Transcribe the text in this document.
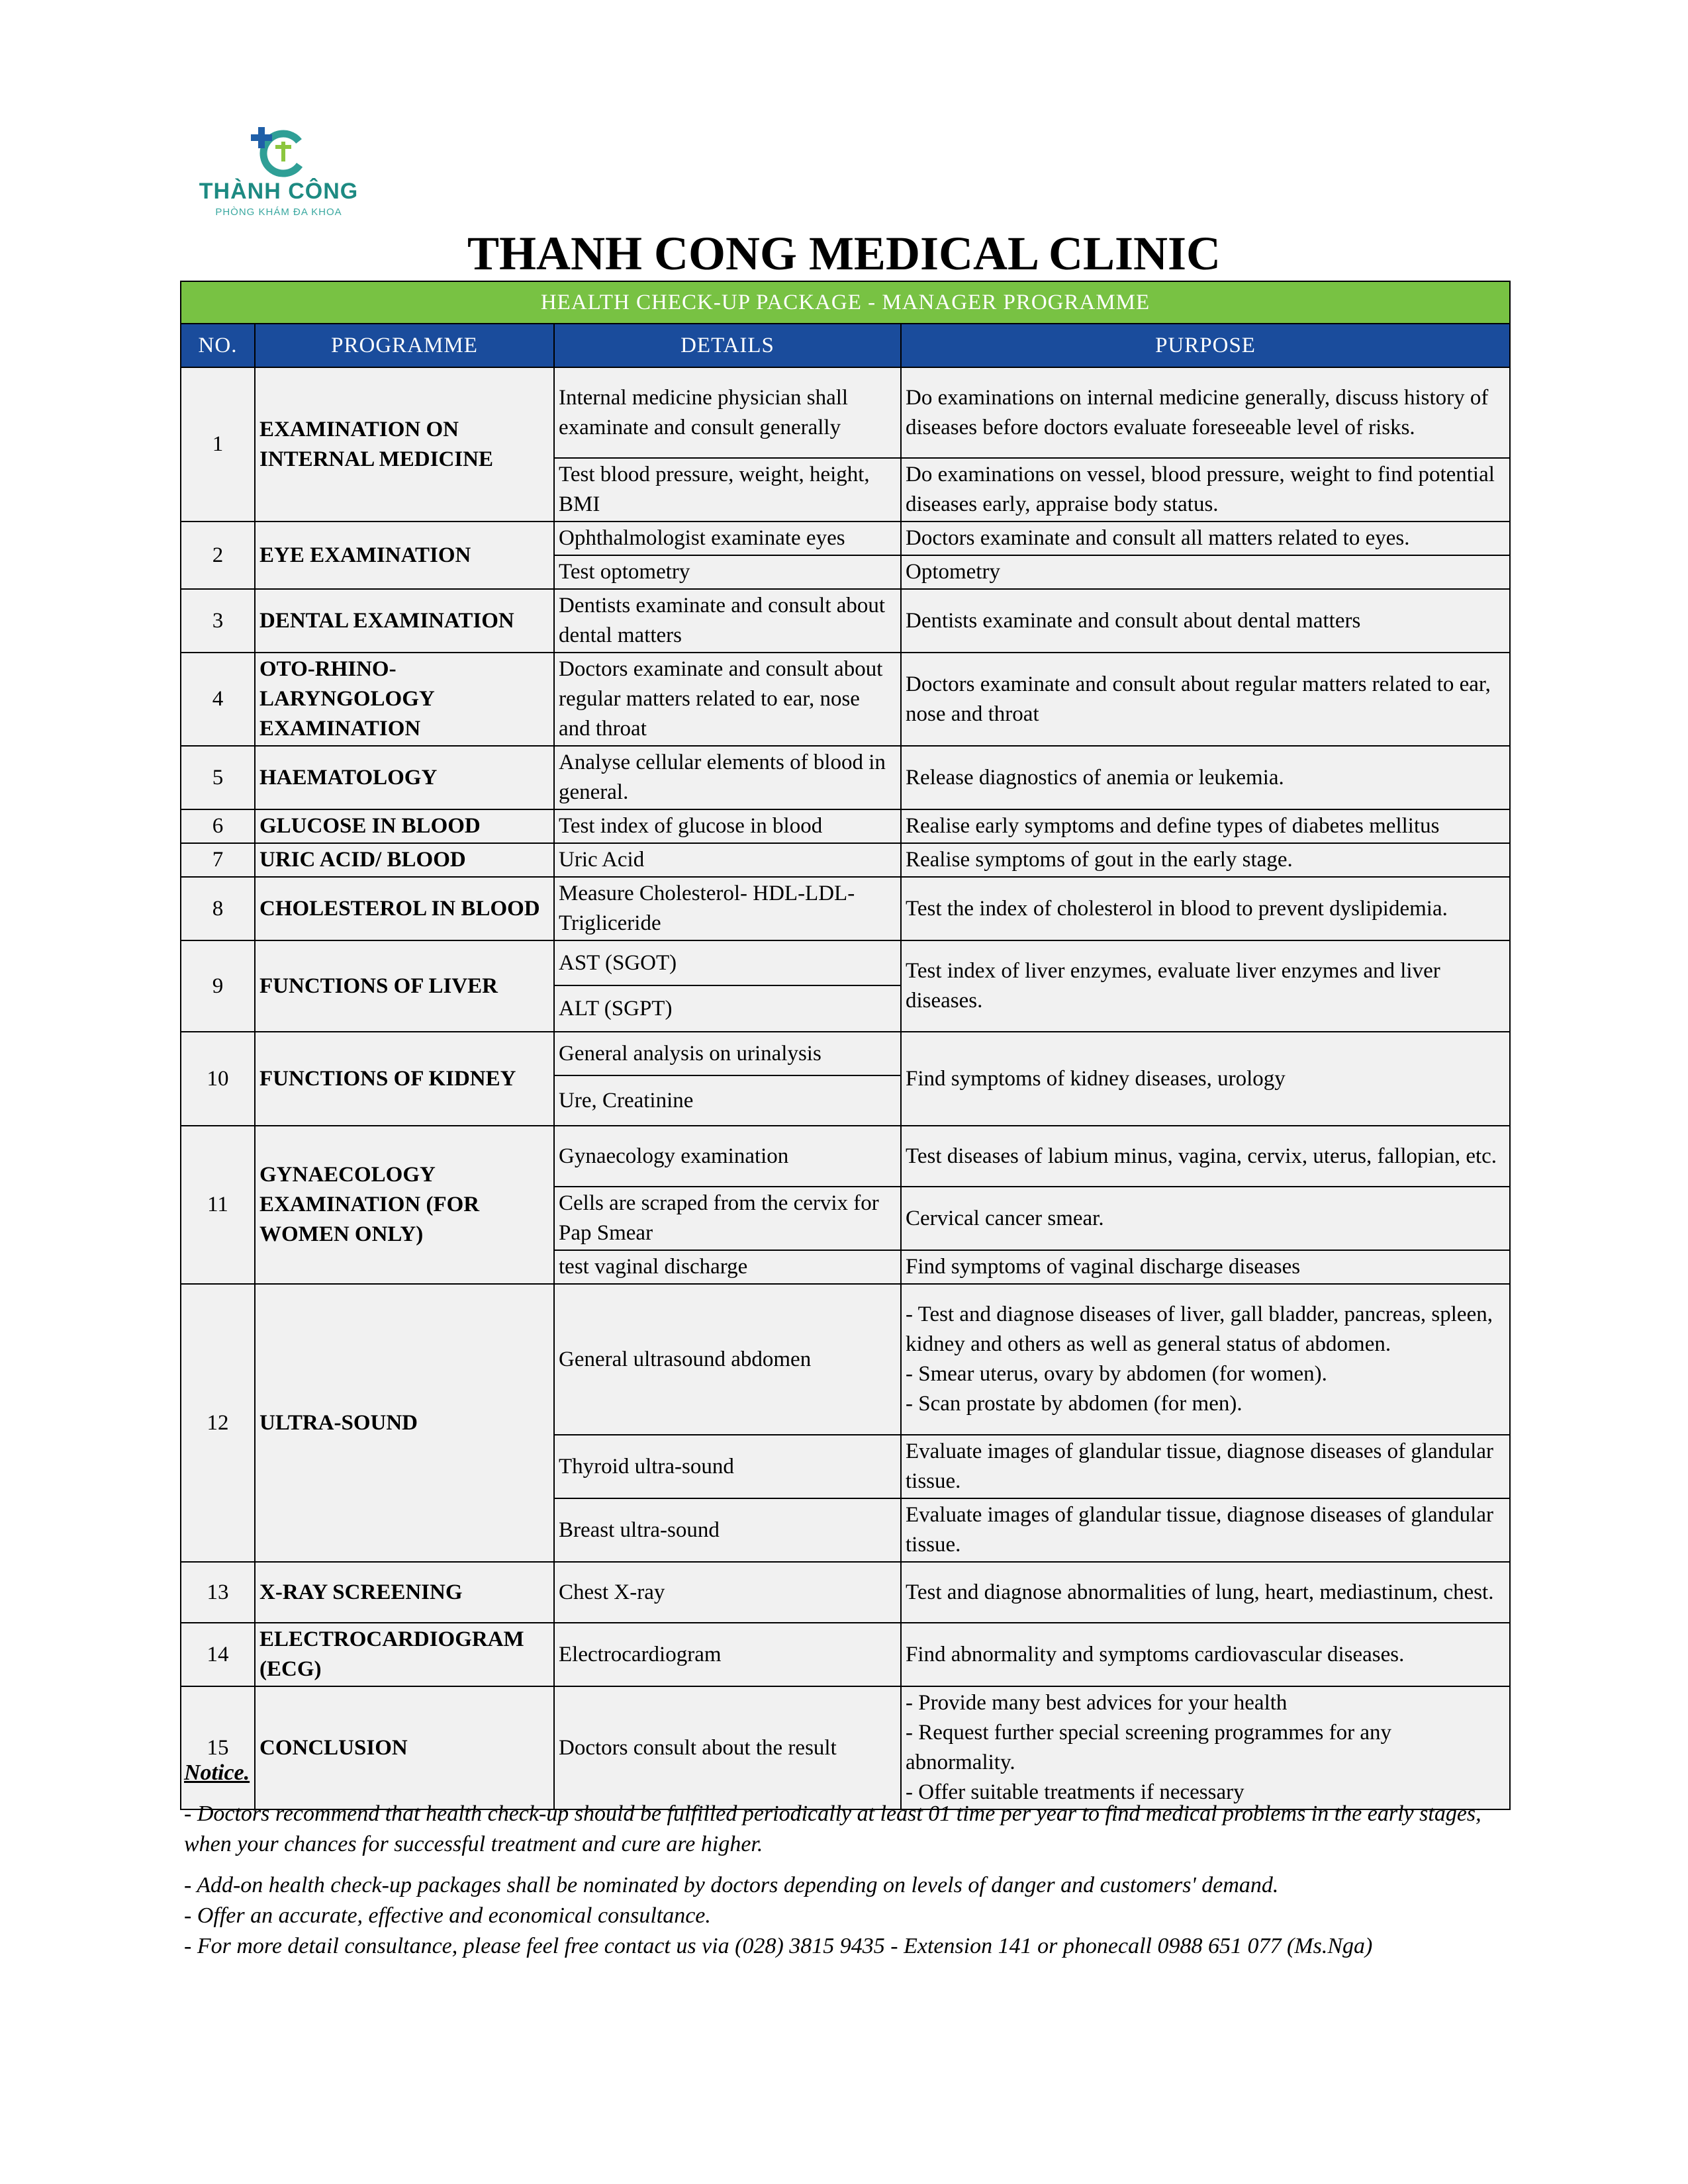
THÀNH CÔNG
PHÒNG KHÁM ĐA KHOA
THANH CONG MEDICAL CLINIC
HEALTH CHECK-UP PACKAGE - MANAGER PROGRAMME			
NO.	PROGRAMME	DETAILS	PURPOSE
1	EXAMINATION ON INTERNAL MEDICINE	Internal medicine physician shall examinate and consult generally	Do examinations on internal medicine generally, discuss history of diseases before doctors evaluate foreseeable level of risks.
		Test blood pressure, weight, height, BMI	Do examinations on vessel, blood pressure, weight to find potential diseases early, appraise body status.
2	EYE EXAMINATION	Ophthalmologist examinate eyes	Doctors examinate and consult all matters related to eyes.
		Test optometry	Optometry
3	DENTAL EXAMINATION	Dentists examinate and consult about dental matters	Dentists examinate and consult about dental matters
4	OTO-RHINO-LARYNGOLOGY EXAMINATION	Doctors examinate and consult about regular matters related to ear, nose and throat	Doctors examinate and consult about regular matters related to ear, nose and throat
5	HAEMATOLOGY	Analyse cellular elements of blood in general.	Release diagnostics of anemia or leukemia.
6	GLUCOSE IN BLOOD	Test index of glucose in blood	Realise early symptoms and define types of diabetes mellitus
7	URIC ACID/ BLOOD	Uric Acid	Realise symptoms of gout in the early stage.
8	CHOLESTEROL IN BLOOD	Measure Cholesterol- HDL-LDL-Trigliceride	Test the index of cholesterol in blood to prevent dyslipidemia.
9	FUNCTIONS OF LIVER	AST (SGOT)	Test index of liver enzymes, evaluate liver enzymes and liver diseases.
		ALT (SGPT)	
10	FUNCTIONS OF KIDNEY	General analysis on urinalysis	Find symptoms of kidney diseases, urology
		Ure, Creatinine	
11	GYNAECOLOGY EXAMINATION (FOR WOMEN ONLY)	Gynaecology examination	Test diseases of labium minus, vagina, cervix, uterus, fallopian, etc.
		Cells are scraped from the cervix for Pap Smear	Cervical cancer smear.
		test vaginal discharge	Find symptoms of vaginal discharge diseases
12	ULTRA-SOUND	General ultrasound abdomen	- Test and diagnose diseases of liver, gall bladder, pancreas, spleen, kidney and others as well as general status of abdomen.
- Smear uterus, ovary by abdomen (for women).
- Scan prostate by abdomen (for men).

		Thyroid ultra-sound	Evaluate images of glandular tissue, diagnose diseases of glandular tissue.
		Breast ultra-sound	Evaluate images of glandular tissue, diagnose diseases of glandular tissue.
13	X-RAY SCREENING	Chest X-ray	Test and diagnose abnormalities of lung, heart, mediastinum, chest.
14	ELECTROCARDIOGRAM (ECG)	Electrocardiogram	Find abnormality and symptoms cardiovascular diseases.
15	CONCLUSION	Doctors consult about the result	- Provide many best advices for your health
- Request further special screening programmes for any abnormality.
- Offer suitable treatments if necessary

Notice.

- Doctors recommend that health check-up should be fulfilled periodically at least 01 time per year to find medical problems in the early stages, when your chances for successful treatment and cure are higher.

- Add-on health check-up packages shall be nominated by doctors depending on levels of danger and customers' demand.

- Offer an accurate, effective and economical consultance.

- For more detail consultance, please feel free contact us via (028) 3815 9435 - Extension 141 or phonecall 0988 651 077 (Ms.Nga)
